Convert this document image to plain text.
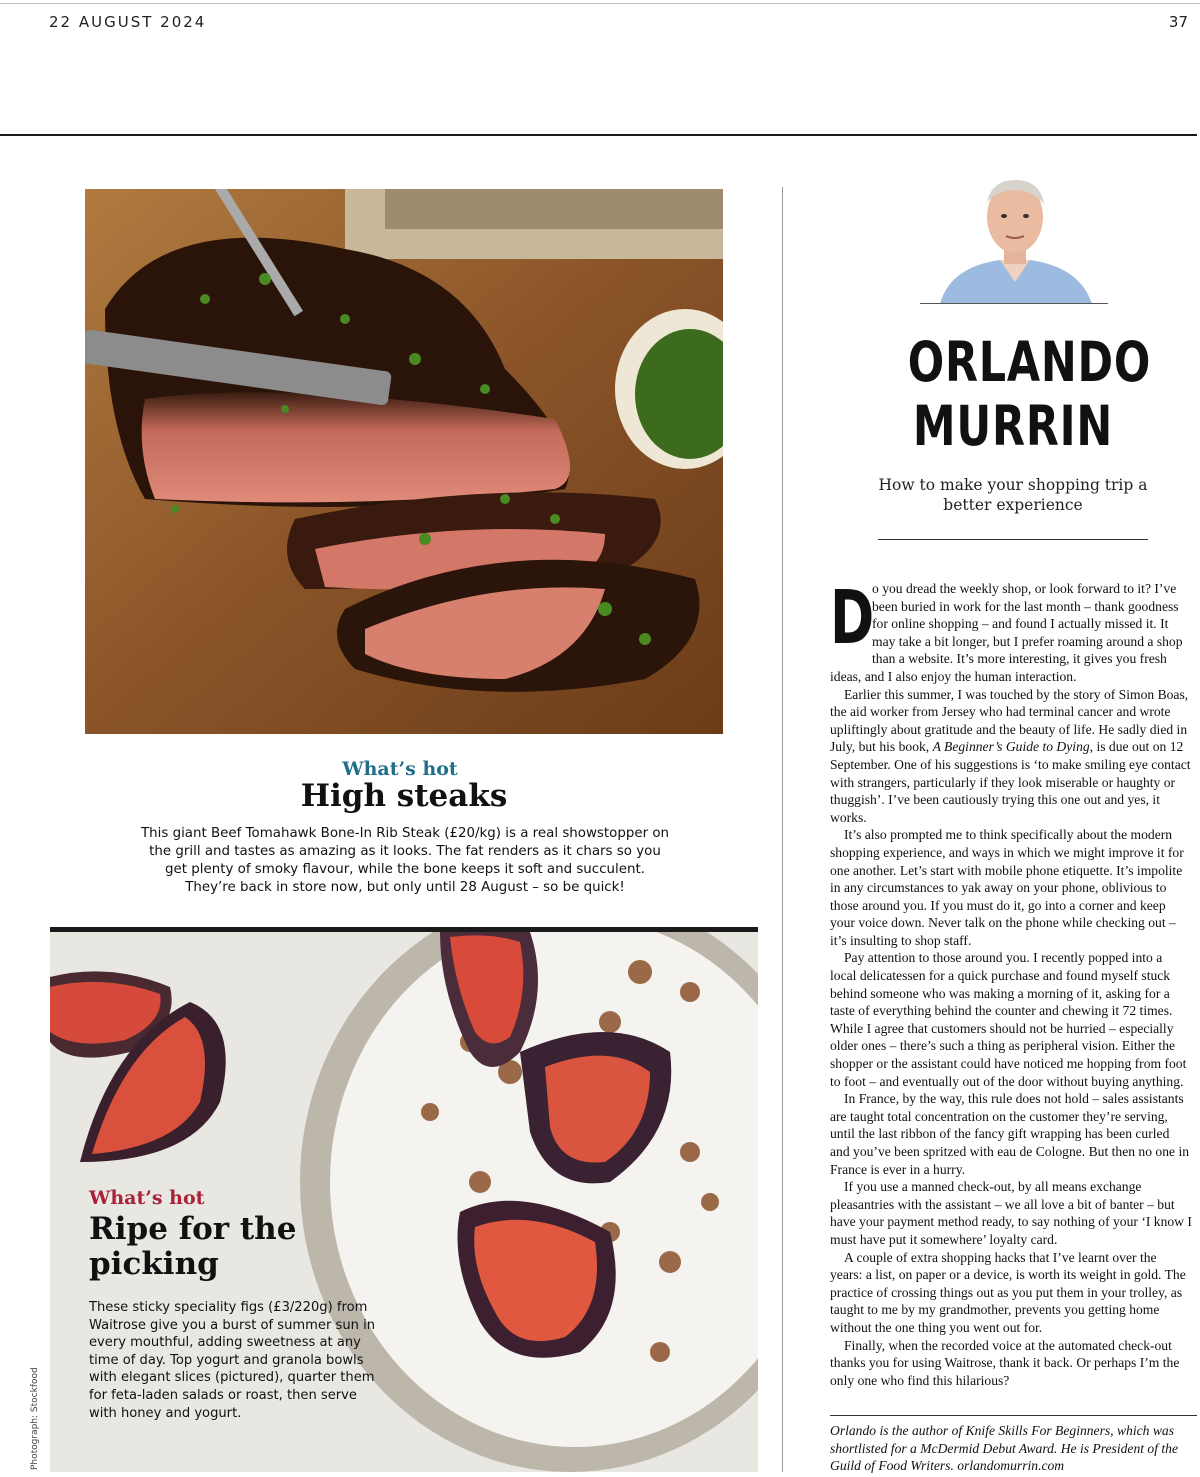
22 AUGUST 2024	37
What’s hot
High steaks
This giant Beef Tomahawk Bone-In Rib Steak (£20/kg) is a real showstopper on the grill and tastes as amazing as it looks. The fat renders as it chars so you get plenty of smoky flavour, while the bone keeps it soft and succulent. They’re back in store now, but only until 28 August – so be quick!
What’s hot
Ripe for the picking
These sticky speciality figs (£3/220g) from Waitrose give you a burst of summer sun in every mouthful, adding sweetness at any time of day. Top yogurt and granola bowls with elegant slices (pictured), quarter them for feta-laden salads or roast, then serve with honey and yogurt.
Photograph: Stockfood
ORLANDO
MURRIN
How to make your shopping trip a better experience

D
o you dread the weekly shop, or look forward to it? I’ve been buried in work for the last month – thank goodness for online shopping – and found I actually missed it. It may take a bit longer, but I prefer roaming around a shop than a website. It’s more interesting, it gives you fresh ideas, and I also enjoy the human interaction.

Earlier this summer, I was touched by the story of Simon Boas, the aid worker from Jersey who had terminal cancer and wrote upliftingly about gratitude and the beauty of life. He sadly died in July, but his book, A Beginner’s Guide to Dying, is due out on 12 September. One of his suggestions is ‘to make smiling eye contact with strangers, particularly if they look miserable or haughty or thuggish’. I’ve been cautiously trying this one out and yes, it works.

It’s also prompted me to think specifically about the modern shopping experience, and ways in which we might improve it for one another. Let’s start with mobile phone etiquette. It’s impolite in any circumstances to yak away on your phone, oblivious to those around you. If you must do it, go into a corner and keep your voice down. Never talk on the phone while checking out – it’s insulting to shop staff.

Pay attention to those around you. I recently popped into a local delicatessen for a quick purchase and found myself stuck behind someone who was making a morning of it, asking for a taste of everything behind the counter and chewing it 72 times. While I agree that customers should not be hurried – especially older ones – there’s such a thing as peripheral vision. Either the shopper or the assistant could have noticed me hopping from foot to foot – and eventually out of the door without buying anything.

In France, by the way, this rule does not hold – sales assistants are taught total concentration on the customer they’re serving, until the last ribbon of the fancy gift wrapping has been curled and you’ve been spritzed with eau de Cologne. But then no one in France is ever in a hurry.

If you use a manned check-out, by all means exchange pleasantries with the assistant – we all love a bit of banter – but have your payment method ready, to say nothing of your ‘I know I must have put it somewhere’ loyalty card.

A couple of extra shopping hacks that I’ve learnt over the years: a list, on paper or a device, is worth its weight in gold. The practice of crossing things out as you put them in your trolley, as taught to me by my grandmother, prevents you getting home without the one thing you went out for.

Finally, when the recorded voice at the automated check-out thanks you for using Waitrose, thank it back. Or perhaps I’m the only one who find this hilarious?

Orlando is the author of Knife Skills For Beginners, which was shortlisted for a McDermid Debut Award. He is President of the Guild of Food Writers. orlandomurrin.com
